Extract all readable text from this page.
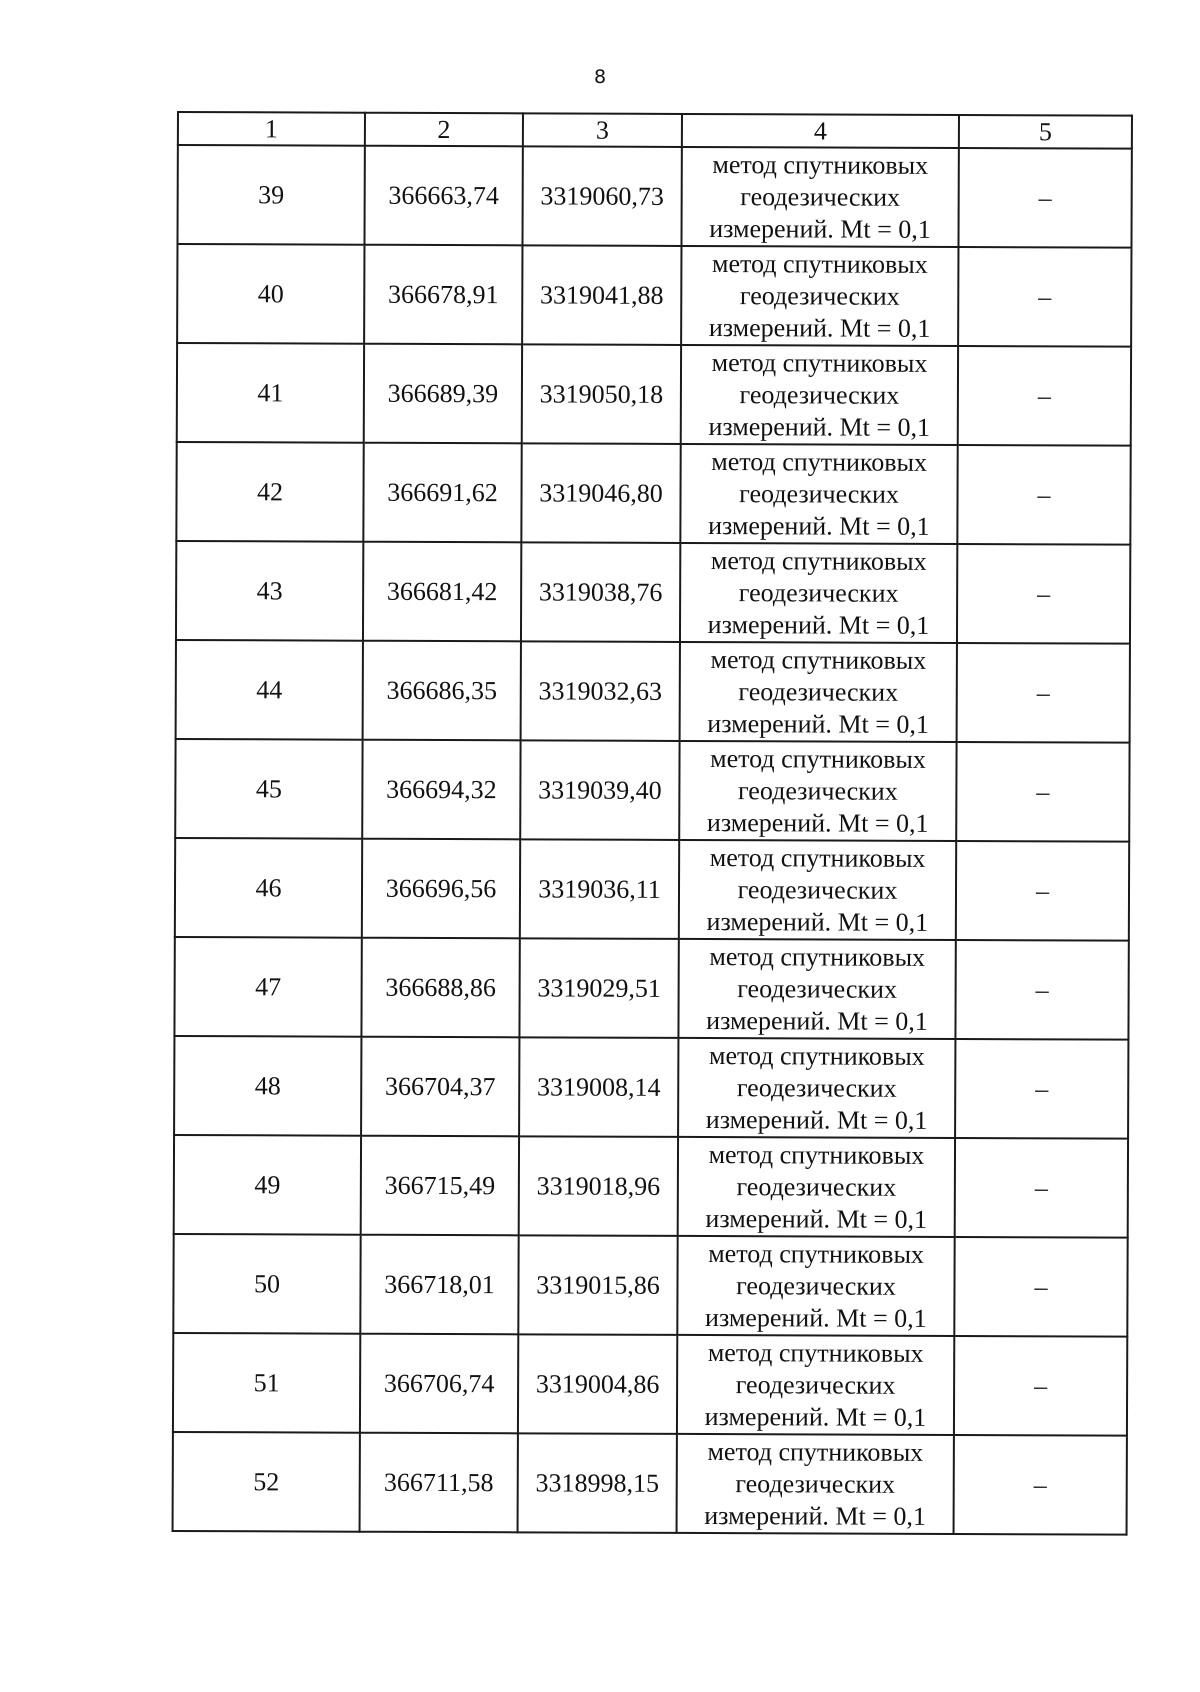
8
1	2	3	4	5
39	366663,74	3319060,73	метод спутниковых
геодезических
измерений. Mt = 0,1	–
40	366678,91	3319041,88	метод спутниковых
геодезических
измерений. Mt = 0,1	–
41	366689,39	3319050,18	метод спутниковых
геодезических
измерений. Mt = 0,1	–
42	366691,62	3319046,80	метод спутниковых
геодезических
измерений. Mt = 0,1	–
43	366681,42	3319038,76	метод спутниковых
геодезических
измерений. Mt = 0,1	–
44	366686,35	3319032,63	метод спутниковых
геодезических
измерений. Mt = 0,1	–
45	366694,32	3319039,40	метод спутниковых
геодезических
измерений. Mt = 0,1	–
46	366696,56	3319036,11	метод спутниковых
геодезических
измерений. Mt = 0,1	–
47	366688,86	3319029,51	метод спутниковых
геодезических
измерений. Mt = 0,1	–
48	366704,37	3319008,14	метод спутниковых
геодезических
измерений. Mt = 0,1	–
49	366715,49	3319018,96	метод спутниковых
геодезических
измерений. Mt = 0,1	–
50	366718,01	3319015,86	метод спутниковых
геодезических
измерений. Mt = 0,1	–
51	366706,74	3319004,86	метод спутниковых
геодезических
измерений. Mt = 0,1	–
52	366711,58	3318998,15	метод спутниковых
геодезических
измерений. Mt = 0,1	–
